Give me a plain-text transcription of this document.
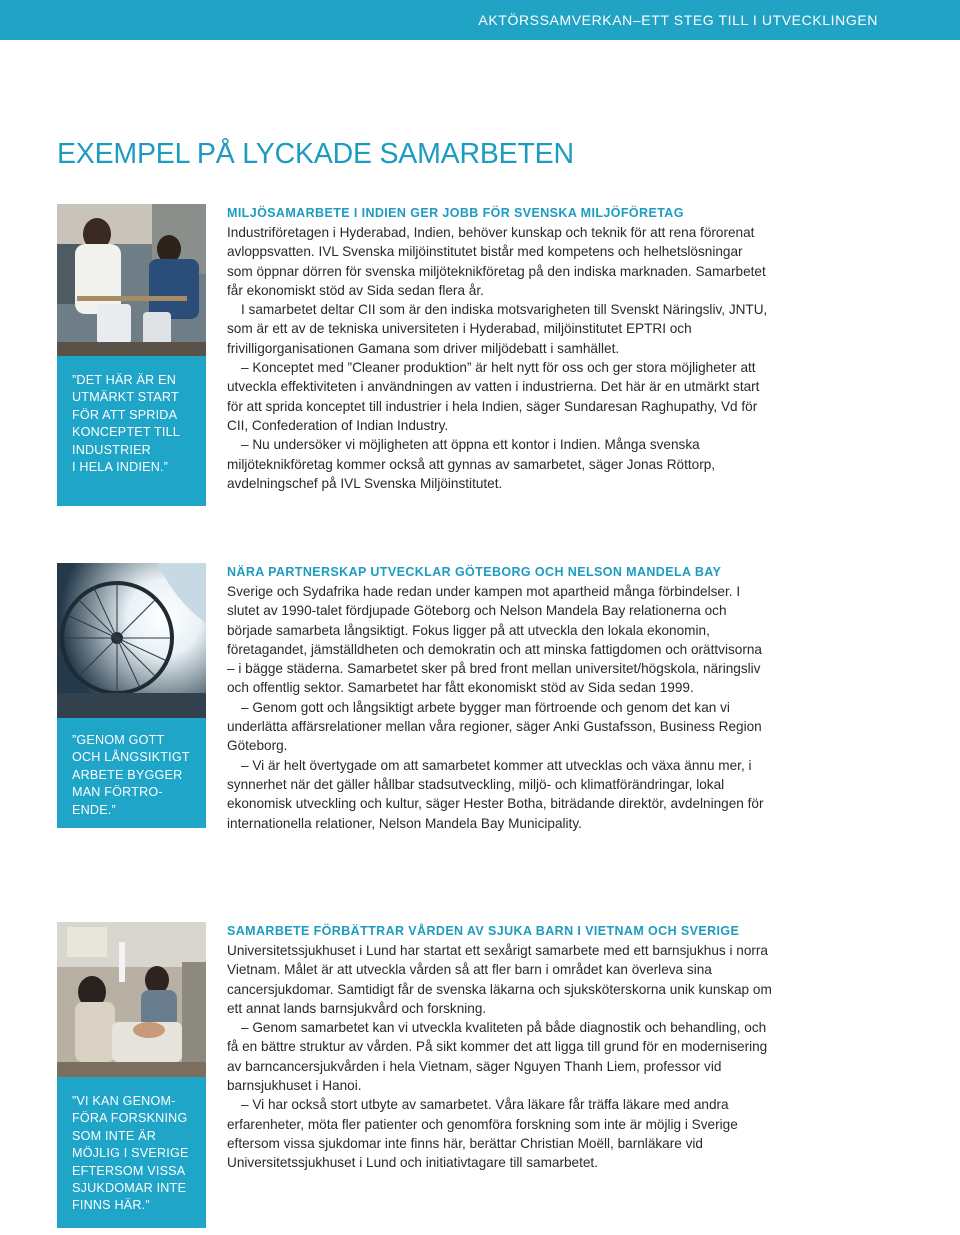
AKTÖRSSAMVERKAN–ETT STEG TILL I UTVECKLINGEN
EXEMPEL PÅ LYCKADE SAMARBETEN
”DET HÄR ÄR EN
UTMÄRKT START
FÖR ATT SPRIDA
KONCEPTET TILL
INDUSTRIER
I HELA INDIEN.”
MILJÖSAMARBETE I INDIEN GER JOBB FÖR SVENSKA MILJÖFÖRETAG

Industriföretagen i Hyderabad, Indien, behöver kunskap och teknik för att rena förorenat avloppsvatten. IVL Svenska miljöinstitutet bistår med kompetens och helhetslösningar som öppnar dörren för svenska miljöteknikföretag på den indiska marknaden. Samarbetet får ekonomiskt stöd av Sida sedan flera år.

I samarbetet deltar CII som är den indiska motsvarigheten till Svenskt Näringsliv, JNTU, som är ett av de tekniska universiteten i Hyderabad, miljöinstitutet EPTRI och frivilligorganisationen Gamana som driver miljödebatt i samhället.

– Konceptet med ”Cleaner produktion” är helt nytt för oss och ger stora möjligheter att utveckla effektiviteten i användningen av vatten i industrierna. Det här är en utmärkt start för att sprida konceptet till industrier i hela Indien, säger Sundaresan Raghupathy, Vd för CII, Confederation of Indian Industry.

– Nu undersöker vi möjligheten att öppna ett kontor i Indien. Många svenska miljöteknikföretag kommer också att gynnas av samarbetet, säger Jonas Röttorp, avdelningschef på IVL Svenska Miljöinstitutet.

”GENOM GOTT
OCH LÅNGSIKTIGT
ARBETE BYGGER
MAN FÖRTRO-
ENDE.”
NÄRA PARTNERSKAP UTVECKLAR GÖTEBORG OCH NELSON MANDELA BAY

Sverige och Sydafrika hade redan under kampen mot apartheid många förbindelser. I slutet av 1990-talet fördjupade Göteborg och Nelson Mandela Bay relationerna och började samarbeta långsiktigt. Fokus ligger på att utveckla den lokala ekonomin, företagandet, jämställdheten och demokratin och att minska fattigdomen och orättvisorna – i bägge städerna. Samarbetet sker på bred front mellan universitet/högskola, näringsliv och offentlig sektor. Samarbetet har fått ekonomiskt stöd av Sida sedan 1999.

– Genom gott och långsiktigt arbete bygger man förtroende och genom det kan vi underlätta affärsrelationer mellan våra regioner, säger Anki Gustafsson, Business Region Göteborg.

– Vi är helt övertygade om att samarbetet kommer att utvecklas och växa ännu mer, i synnerhet när det gäller hållbar stadsutveckling, miljö- och klimatförändringar, lokal ekonomisk utveckling och kultur, säger Hester Botha, biträdande direktör, avdelningen för internationella relationer, Nelson Mandela Bay Municipality.

”VI KAN GENOM-
FÖRA FORSKNING
SOM INTE ÄR
MÖJLIG I SVERIGE
EFTERSOM VISSA
SJUKDOMAR INTE
FINNS HÄR.”
SAMARBETE FÖRBÄTTRAR VÅRDEN AV SJUKA BARN I VIETNAM OCH SVERIGE

Universitetssjukhuset i Lund har startat ett sexårigt samarbete med ett barnsjukhus i norra Vietnam. Målet är att utveckla vården så att fler barn i området kan överleva sina cancersjukdomar. Samtidigt får de svenska läkarna och sjuksköterskorna unik kunskap om ett annat lands barnsjukvård och forskning.

– Genom samarbetet kan vi utveckla kvaliteten på både diagnostik och behandling, och få en bättre struktur av vården. På sikt kommer det att ligga till grund för en modernisering av barncancersjukvården i hela Vietnam, säger Nguyen Thanh Liem, professor vid barnsjukhuset i Hanoi.

– Vi har också stort utbyte av samarbetet. Våra läkare får träffa läkare med andra erfarenheter, möta fler patienter och genomföra forskning som inte är möjlig i Sverige eftersom vissa sjukdomar inte finns här, berättar Christian Moëll, barnläkare vid Universitetssjukhuset i Lund och initiativtagare till samarbetet.
